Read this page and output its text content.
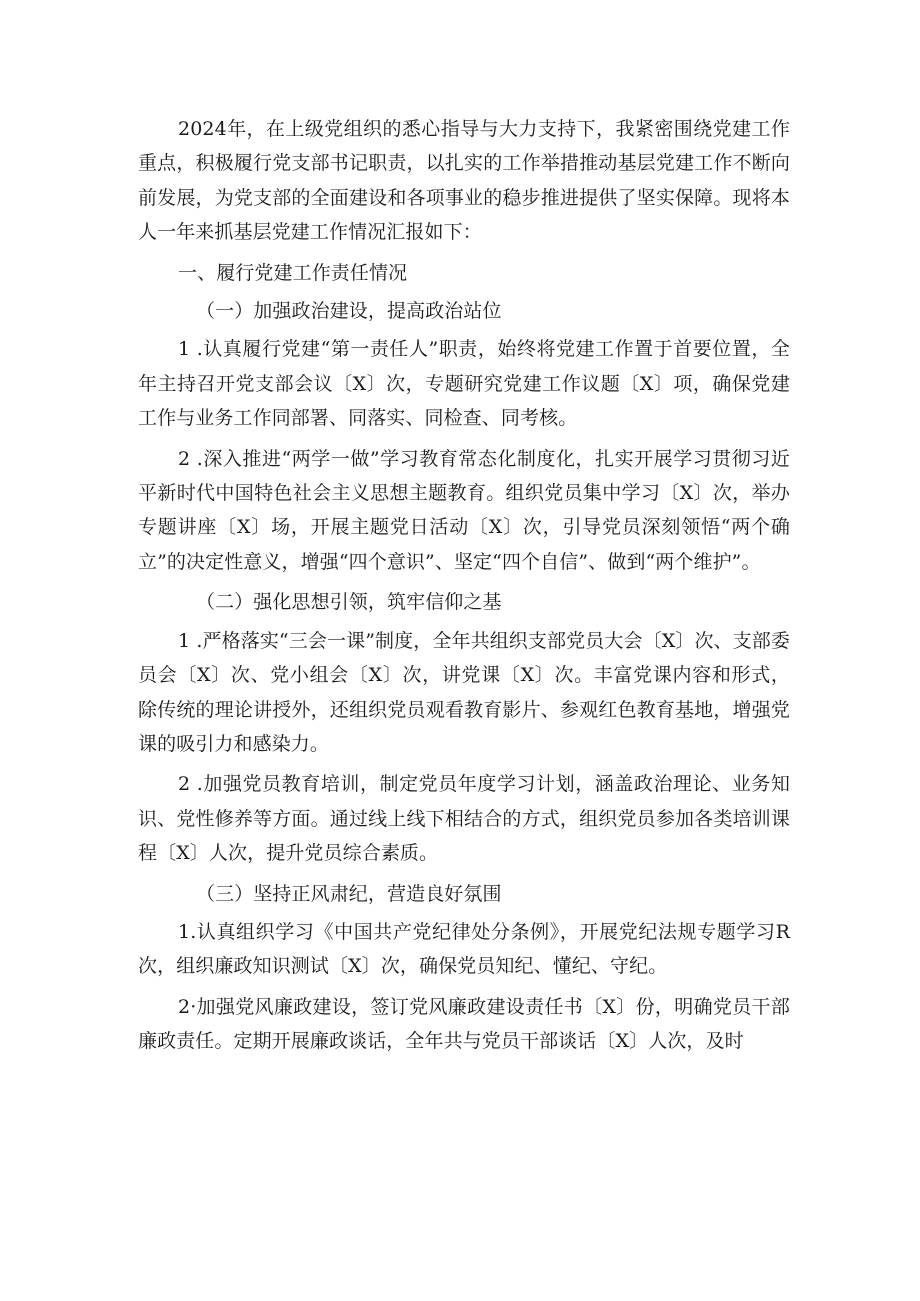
2024年，在上级党组织的悉心指导与大力支持下，我紧密围绕党建工作重点，积极履行党支部书记职责，以扎实的工作举措推动基层党建工作不断向前发展，为党支部的全面建设和各项事业的稳步推进提供了坚实保障。现将本人一年来抓基层党建工作情况汇报如下：

一、履行党建工作责任情况

（一）加强政治建设，提高政治站位

1 .认真履行党建“第一责任人”职责，始终将党建工作置于首要位置，全年主持召开党支部会议〔X〕次，专题研究党建工作议题〔X〕项，确保党建工作与业务工作同部署、同落实、同检查、同考核。

2 .深入推进“两学一做”学习教育常态化制度化，扎实开展学习贯彻习近平新时代中国特色社会主义思想主题教育。组织党员集中学习〔X〕次，举办专题讲座〔X〕场，开展主题党日活动〔X〕次，引导党员深刻领悟“两个确立”的决定性意义，增强“四个意识”、坚定“四个自信”、做到“两个维护”。

（二）强化思想引领，筑牢信仰之基

1 .严格落实“三会一课”制度，全年共组织支部党员大会〔X〕次、支部委员会〔X〕次、党小组会〔X〕次，讲党课〔X〕次。丰富党课内容和形式，除传统的理论讲授外，还组织党员观看教育影片、参观红色教育基地，增强党课的吸引力和感染力。

2 .加强党员教育培训，制定党员年度学习计划，涵盖政治理论、业务知识、党性修养等方面。通过线上线下相结合的方式，组织党员参加各类培训课程〔X〕人次，提升党员综合素质。

（三）坚持正风肃纪，营造良好氛围

1.认真组织学习《中国共产党纪律处分条例》，开展党纪法规专题学习R次，组织廉政知识测试〔X〕次，确保党员知纪、懂纪、守纪。

2·加强党风廉政建设，签订党风廉政建设责任书〔X〕份，明确党员干部廉政责任。定期开展廉政谈话，全年共与党员干部谈话〔X〕人次，及时
